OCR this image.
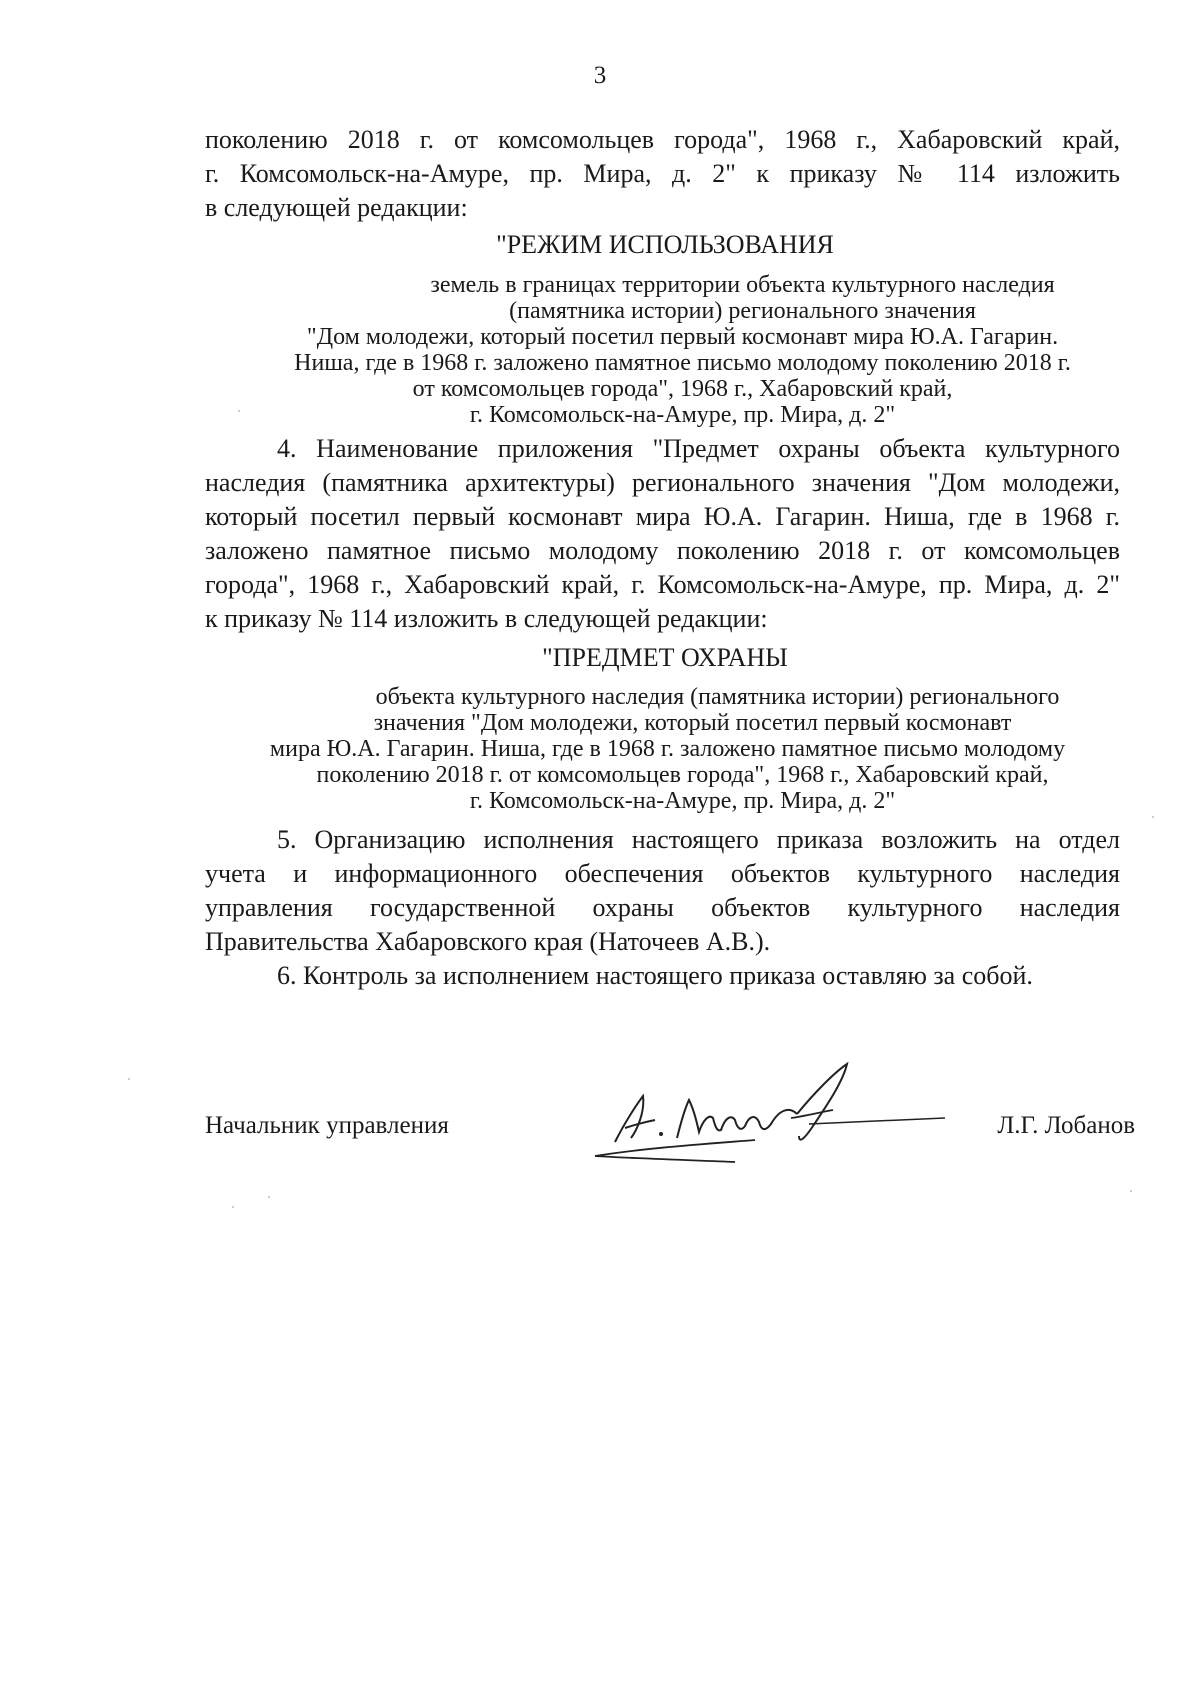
3
поколению 2018 г. от комсомольцев города", 1968 г., Хабаровский край,
г. Комсомольск-на-Амуре, пр. Мира, д. 2" к приказу № 114 изложить
в следующей редакции:
"РЕЖИМ ИСПОЛЬЗОВАНИЯ
земель в границах территории объекта культурного наследия
(памятника истории) регионального значения
"Дом молодежи, который посетил первый космонавт мира Ю.А. Гагарин.
Ниша, где в 1968 г. заложено памятное письмо молодому поколению 2018 г.
от комсомольцев города", 1968 г., Хабаровский край,
г. Комсомольск-на-Амуре, пр. Мира, д. 2"
4. Наименование приложения "Предмет охраны объекта культурного
наследия (памятника архитектуры) регионального значения "Дом молодежи,
который посетил первый космонавт мира Ю.А. Гагарин. Ниша, где в 1968 г.
заложено памятное письмо молодому поколению 2018 г. от комсомольцев
города", 1968 г., Хабаровский край, г. Комсомольск-на-Амуре, пр. Мира, д. 2"
к приказу № 114 изложить в следующей редакции:
"ПРЕДМЕТ ОХРАНЫ
объекта культурного наследия (памятника истории) регионального
значения "Дом молодежи, который посетил первый космонавт
мира Ю.А. Гагарин. Ниша, где в 1968 г. заложено памятное письмо молодому
поколению 2018 г. от комсомольцев города", 1968 г., Хабаровский край,
г. Комсомольск-на-Амуре, пр. Мира, д. 2"
5. Организацию исполнения настоящего приказа возложить на отдел
учета и информационного обеспечения объектов культурного наследия
управления государственной охраны объектов культурного наследия
Правительства Хабаровского края (Наточеев А.В.).
6. Контроль за исполнением настоящего приказа оставляю за собой.
Начальник управления	Л.Г. Лобанов
